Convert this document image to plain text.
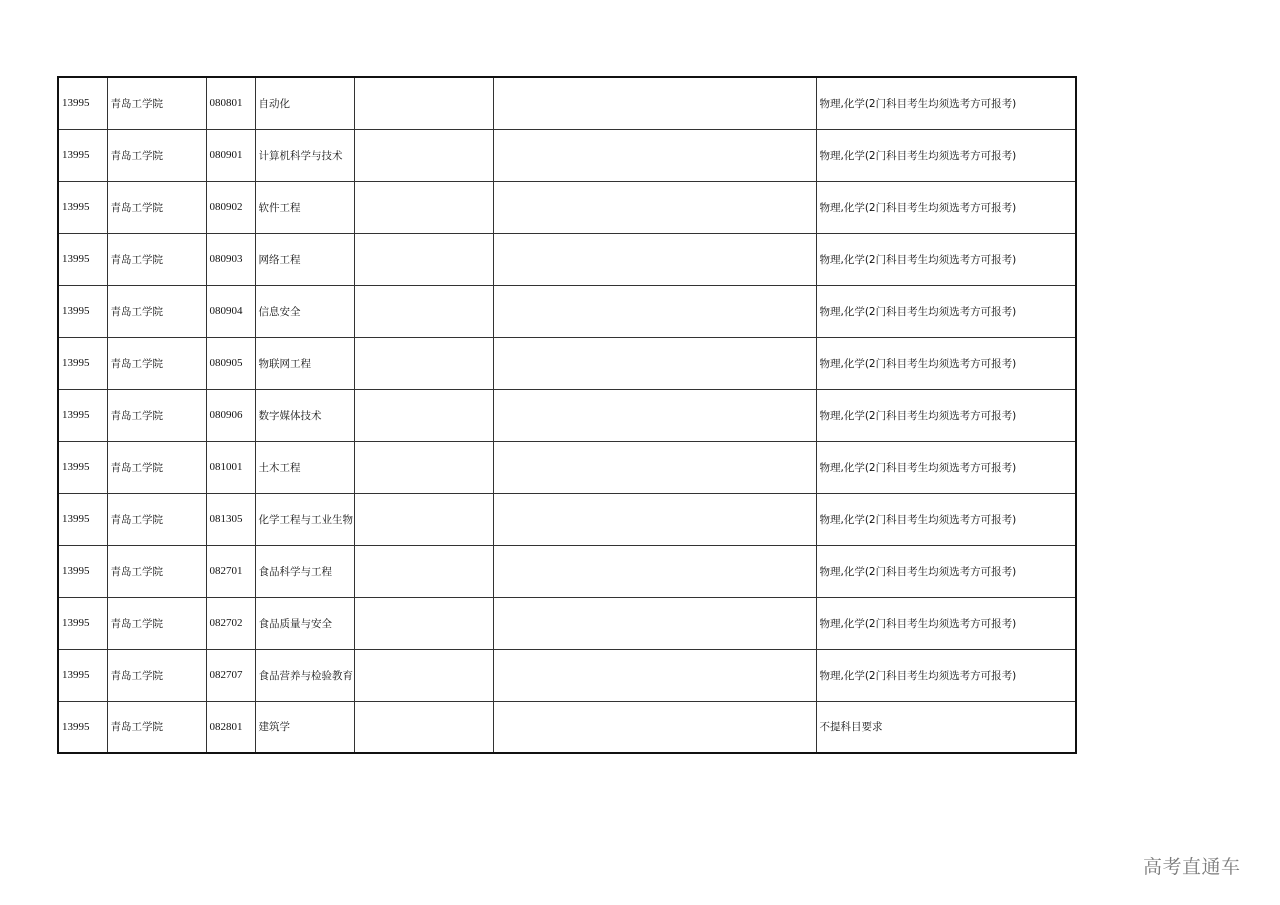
13995	青岛工学院	080801	自动化			物理,化学(2门科目考生均须选考方可报考)
13995	青岛工学院	080901	计算机科学与技术			物理,化学(2门科目考生均须选考方可报考)
13995	青岛工学院	080902	软件工程			物理,化学(2门科目考生均须选考方可报考)
13995	青岛工学院	080903	网络工程			物理,化学(2门科目考生均须选考方可报考)
13995	青岛工学院	080904	信息安全			物理,化学(2门科目考生均须选考方可报考)
13995	青岛工学院	080905	物联网工程			物理,化学(2门科目考生均须选考方可报考)
13995	青岛工学院	080906	数字媒体技术			物理,化学(2门科目考生均须选考方可报考)
13995	青岛工学院	081001	土木工程			物理,化学(2门科目考生均须选考方可报考)
13995	青岛工学院	081305	化学工程与工业生物			物理,化学(2门科目考生均须选考方可报考)
13995	青岛工学院	082701	食品科学与工程			物理,化学(2门科目考生均须选考方可报考)
13995	青岛工学院	082702	食品质量与安全			物理,化学(2门科目考生均须选考方可报考)
13995	青岛工学院	082707	食品营养与检验教育			物理,化学(2门科目考生均须选考方可报考)
13995	青岛工学院	082801	建筑学			不提科目要求
高考直通车
